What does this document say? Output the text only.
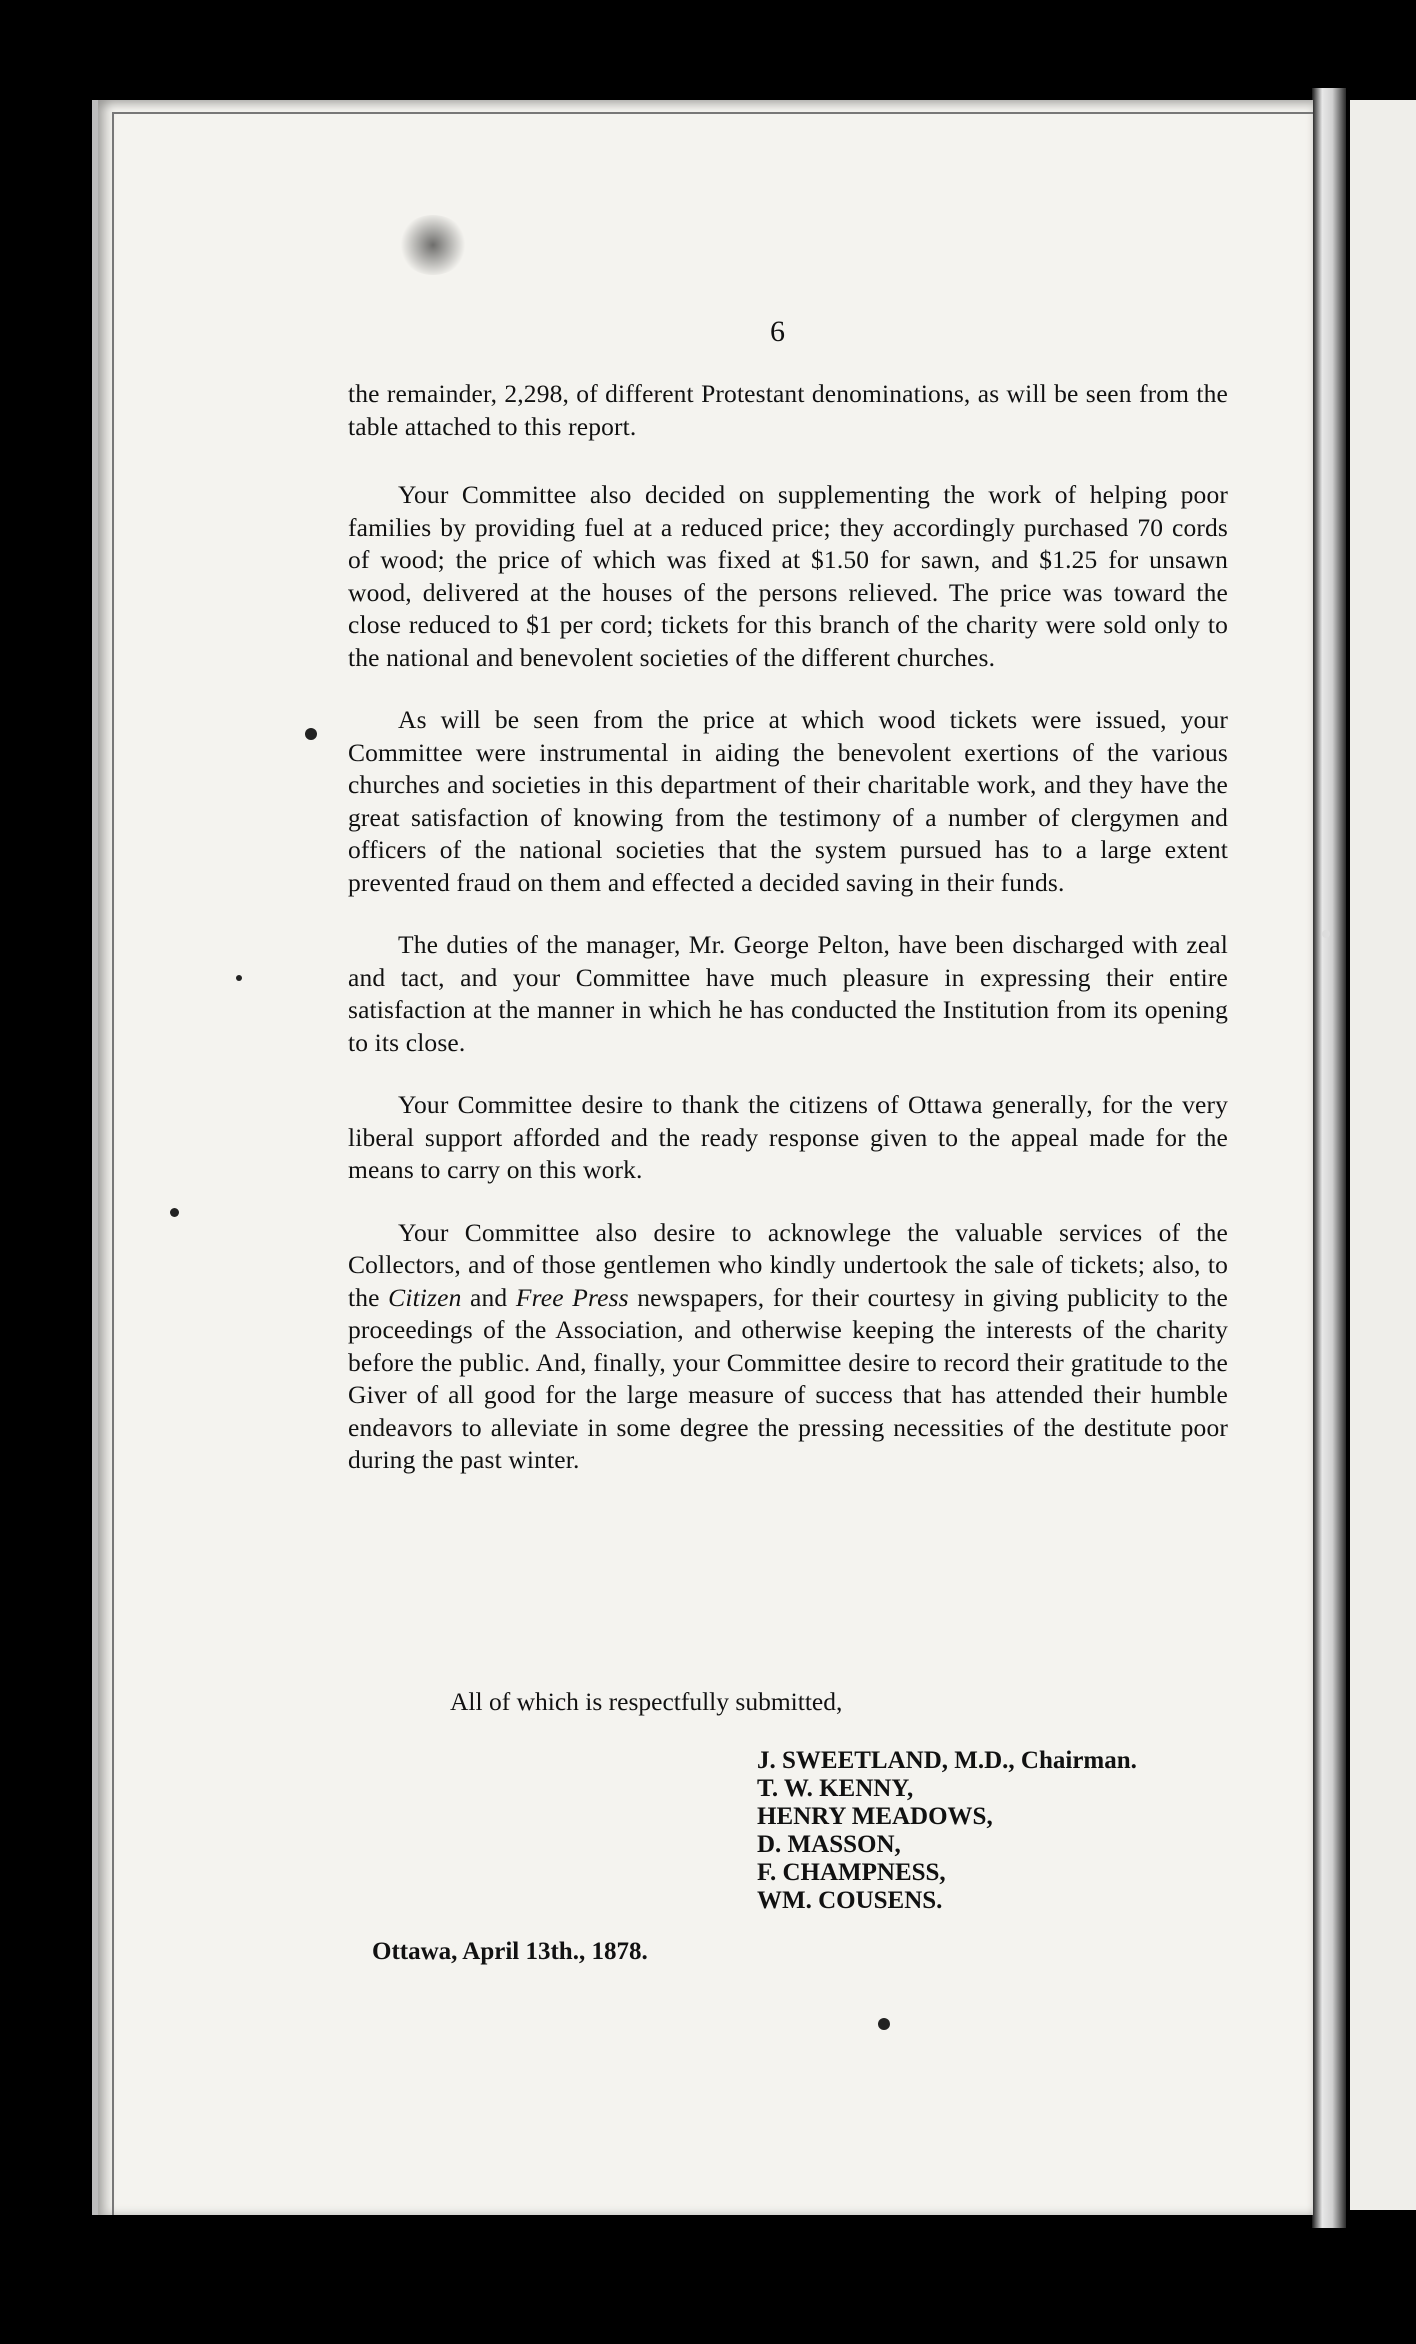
6

the remainder, 2,298, of different Protestant denominations, as will be seen from the table attached to this report.

Your Committee also decided on supplementing the work of helping poor families by providing fuel at a reduced price; they accordingly purchased 70 cords of wood; the price of which was fixed at $1.50 for sawn, and $1.25 for unsawn wood, delivered at the houses of the persons relieved. The price was toward the close reduced to $1 per cord; tickets for this branch of the charity were sold only to the national and benevolent societies of the different churches.

As will be seen from the price at which wood tickets were issued, your Committee were instrumental in aiding the benevolent exertions of the various churches and societies in this department of their charitable work, and they have the great satisfaction of knowing from the testimony of a number of clergymen and officers of the national societies that the system pursued has to a large extent prevented fraud on them and effected a decided saving in their funds.

The duties of the manager, Mr. George Pelton, have been discharged with zeal and tact, and your Committee have much pleasure in expressing their entire satisfaction at the manner in which he has conducted the Institution from its opening to its close.

Your Committee desire to thank the citizens of Ottawa generally, for the very liberal support afforded and the ready response given to the appeal made for the means to carry on this work.

Your Committee also desire to acknowlege the valuable services of the Collectors, and of those gentlemen who kindly undertook the sale of tickets; also, to the Citizen and Free Press newspapers, for their courtesy in giving publicity to the proceedings of the Association, and otherwise keeping the interests of the charity before the public. And, finally, your Committee desire to record their gratitude to the Giver of all good for the large measure of success that has attended their humble endeavors to alleviate in some degree the pressing necessities of the destitute poor during the past winter.

All of which is respectfully submitted,
J. SWEETLAND, M.D., Chairman.
T. W. KENNY,
HENRY MEADOWS,
D. MASSON,
F. CHAMPNESS,
WM. COUSENS.
Ottawa, April 13th., 1878.
